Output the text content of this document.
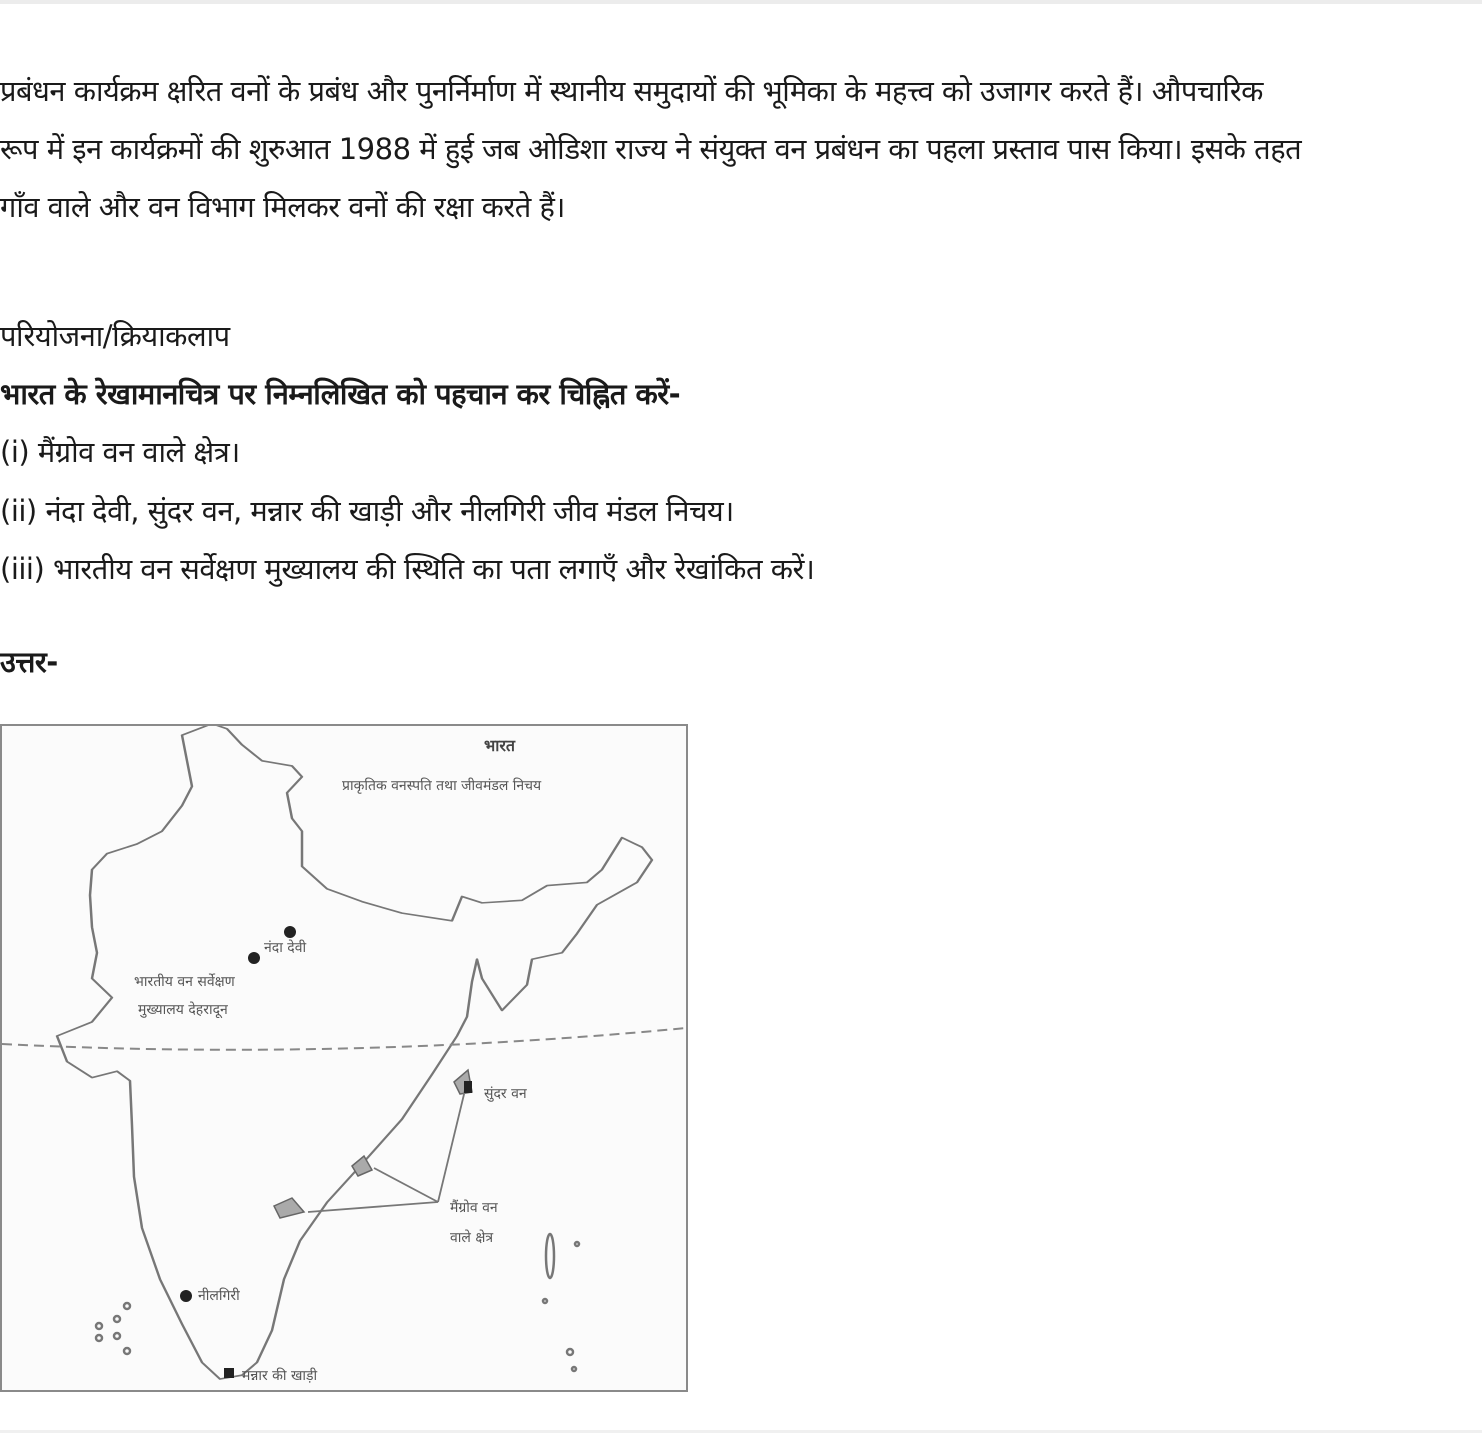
प्रबंधन कार्यक्रम क्षरित वनों के प्रबंध और पुनर्निर्माण में स्थानीय समुदायों की भूमिका के महत्त्व को उजागर करते हैं। औपचारिक
रूप में इन कार्यक्रमों की शुरुआत 1988 में हुई जब ओडिशा राज्य ने संयुक्त वन प्रबंधन का पहला प्रस्ताव पास किया। इसके तहत
गाँव वाले और वन विभाग मिलकर वनों की रक्षा करते हैं।
परियोजना/क्रियाकलाप
भारत के रेखामानचित्र पर निम्नलिखित को पहचान कर चिह्नित करें-
(i) मैंग्रोव वन वाले क्षेत्र।
(ii) नंदा देवी, सुंदर वन, मन्नार की खाड़ी और नीलगिरी जीव मंडल निचय।
(iii) भारतीय वन सर्वेक्षण मुख्यालय की स्थिति का पता लगाएँ और रेखांकित करें।
उत्तर-
भारत
प्राकृतिक वनस्पति तथा जीवमंडल निचय
नंदा देवी
भारतीय वन सर्वेक्षण
मुख्यालय देहरादून
सुंदर वन
मैंग्रोव वन
वाले क्षेत्र
नीलगिरी
मन्नार की खाड़ी
